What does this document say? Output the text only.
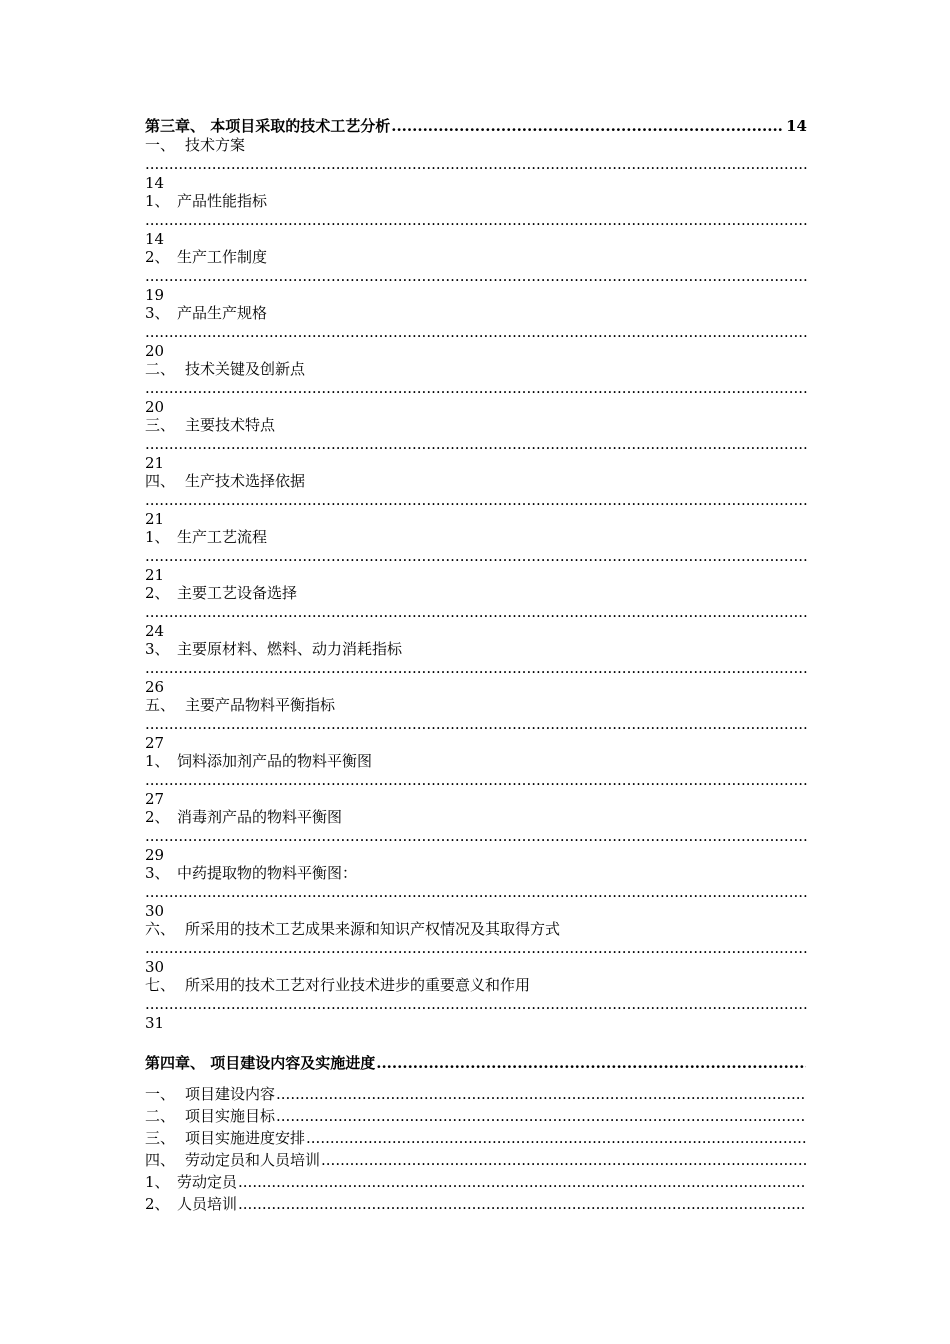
第三章、 本项目采取的技术工艺分析
.....	14
一、 技术方案
.....
14
1、 产品性能指标
.....
14
2、 生产工作制度
.....
19
3、 产品生产规格
.....
20
二、 技术关键及创新点
.....
20
三、 主要技术特点
.....
21
四、 生产技术选择依据
.....
21
1、 生产工艺流程
.....
21
2、 主要工艺设备选择
.....
24
3、 主要原材料、燃料、动力消耗指标
.....
26
五、 主要产品物料平衡指标
.....
27
1、 饲料添加剂产品的物料平衡图
.....
27
2、 消毒剂产品的物料平衡图
.....
29
3、 中药提取物的物料平衡图：
.....
30
六、 所采用的技术工艺成果来源和知识产权情况及其取得方式
.....
30
七、 所采用的技术工艺对行业技术进步的重要意义和作用
.....
31
第四章、 项目建设内容及实施进度
.....
一、 项目建设内容
.....
二、 项目实施目标
.....
三、 项目实施进度安排
.....
四、 劳动定员和人员培训
.....
1、 劳动定员
.....
2、 人员培训
.....
